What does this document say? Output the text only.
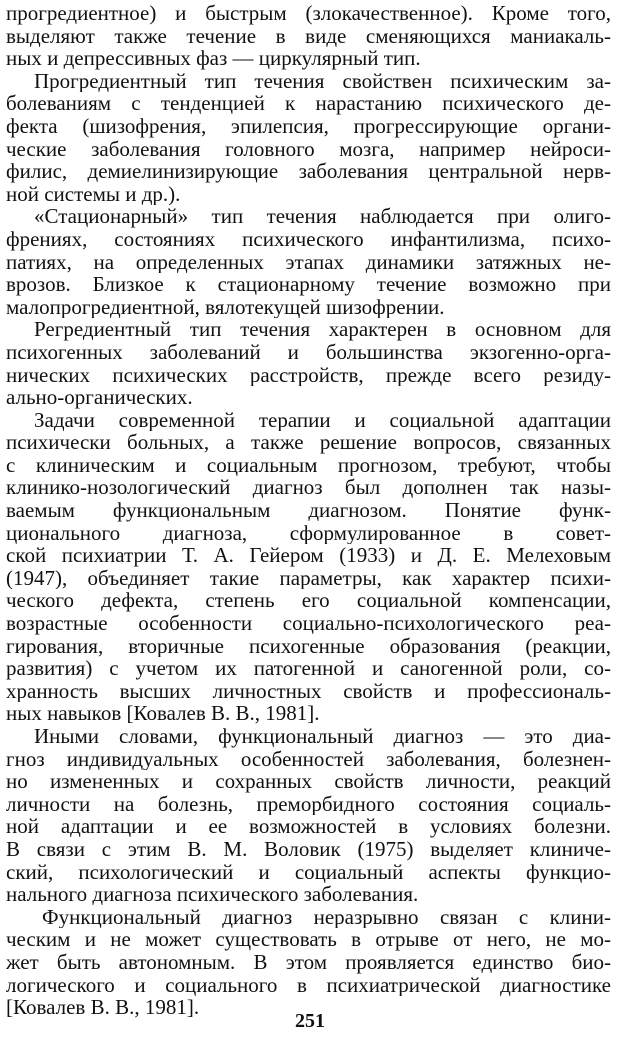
прогредиентное) и быстрым (злокачественное). Кроме того,
выделяют также течение в виде сменяющихся маниакаль-
ных и депрессивных фаз — циркулярный тип.
Прогредиентный тип течения свойствен психическим за-
болеваниям с тенденцией к нарастанию психического де-
фекта (шизофрения, эпилепсия, прогрессирующие органи-
ческие заболевания головного мозга, например нейроси-
филис, демиелинизирующие заболевания центральной нерв-
ной системы и др.).
«Стационарный» тип течения наблюдается при олиго-
френиях, состояниях психического инфантилизма, психо-
патиях, на определенных этапах динамики затяжных не-
врозов. Близкое к стационарному течение возможно при
малопрогредиентной, вялотекущей шизофрении.
Регредиентный тип течения характерен в основном для
психогенных заболеваний и большинства экзогенно-орга-
нических психических расстройств, прежде всего резиду-
ально-органических.
Задачи современной терапии и социальной адаптации
психически больных, а также решение вопросов, связанных
с клиническим и социальным прогнозом, требуют, чтобы
клинико-нозологический диагноз был дополнен так назы-
ваемым функциональным диагнозом. Понятие функ-
ционального диагноза, сформулированное в совет-
ской психиатрии Т. А. Гейером (1933) и Д. Е. Мелеховым
(1947), объединяет такие параметры, как характер психи-
ческого дефекта, степень его социальной компенсации,
возрастные особенности социально-психологического реа-
гирования, вторичные психогенные образования (реакции,
развития) с учетом их патогенной и саногенной роли, со-
хранность высших личностных свойств и профессиональ-
ных навыков [Ковалев В. В., 1981].
Иными словами, функциональный диагноз — это диа-
гноз индивидуальных особенностей заболевания, болезнен-
но измененных и сохранных свойств личности, реакций
личности на болезнь, преморбидного состояния социаль-
ной адаптации и ее возможностей в условиях болезни.
В связи с этим В. М. Воловик (1975) выделяет клиниче-
ский, психологический и социальный аспекты функцио-
нального диагноза психического заболевания.
Функциональный диагноз неразрывно связан с клини-
ческим и не может существовать в отрыве от него, не мо-
жет быть автономным. В этом проявляется единство био-
логического и социального в психиатрической диагностике
[Ковалев В. В., 1981].
251
